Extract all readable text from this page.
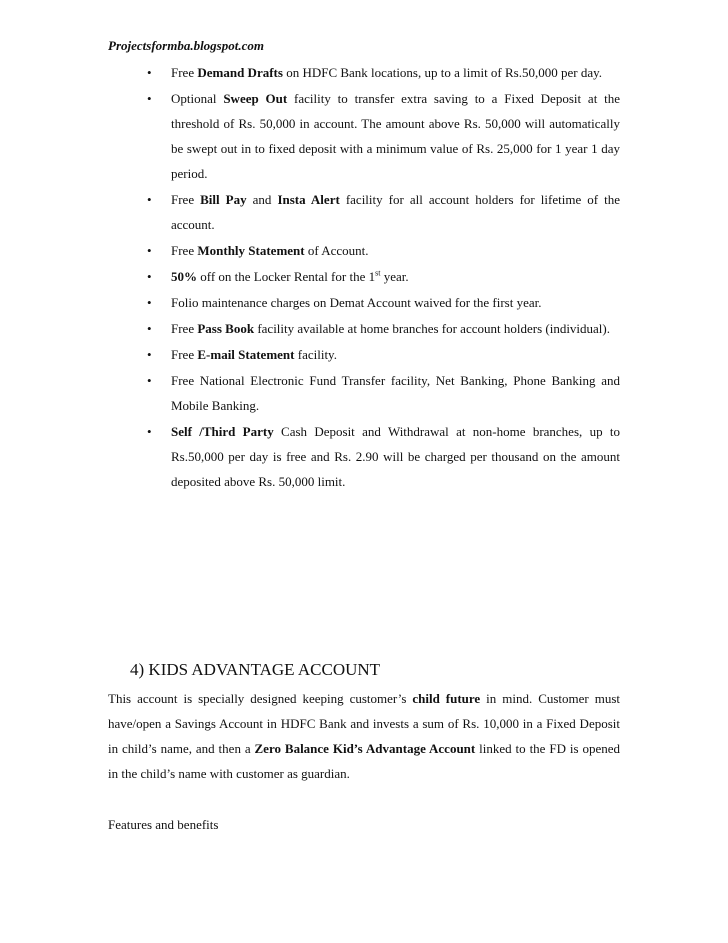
Projectsformba.blogspot.com
• Free Demand Drafts on HDFC Bank locations, up to a limit of Rs.50,000 per day.
• Optional Sweep Out facility to transfer extra saving to a Fixed Deposit at the threshold of Rs. 50,000 in account. The amount above Rs. 50,000 will automatically be swept out in to fixed deposit with a minimum value of Rs. 25,000 for 1 year 1 day period.
• Free Bill Pay and Insta Alert facility for all account holders for lifetime of the account.
• Free Monthly Statement of Account.
• 50% off on the Locker Rental for the 1st year.
• Folio maintenance charges on Demat Account waived for the first year.
• Free Pass Book facility available at home branches for account holders (individual).
• Free E-mail Statement facility.
• Free National Electronic Fund Transfer facility, Net Banking, Phone Banking and Mobile Banking.
• Self /Third Party Cash Deposit and Withdrawal at non-home branches, up to Rs.50,000 per day is free and Rs. 2.90 will be charged per thousand on the amount deposited above Rs. 50,000 limit.
4) KIDS ADVANTAGE ACCOUNT

This account is specially designed keeping customer’s child future in mind. Customer must have/open a Savings Account in HDFC Bank and invests a sum of Rs. 10,000 in a Fixed Deposit in child’s name, and then a Zero Balance Kid’s Advantage Account linked to the FD is opened in the child’s name with customer as guardian.

Features and benefits
